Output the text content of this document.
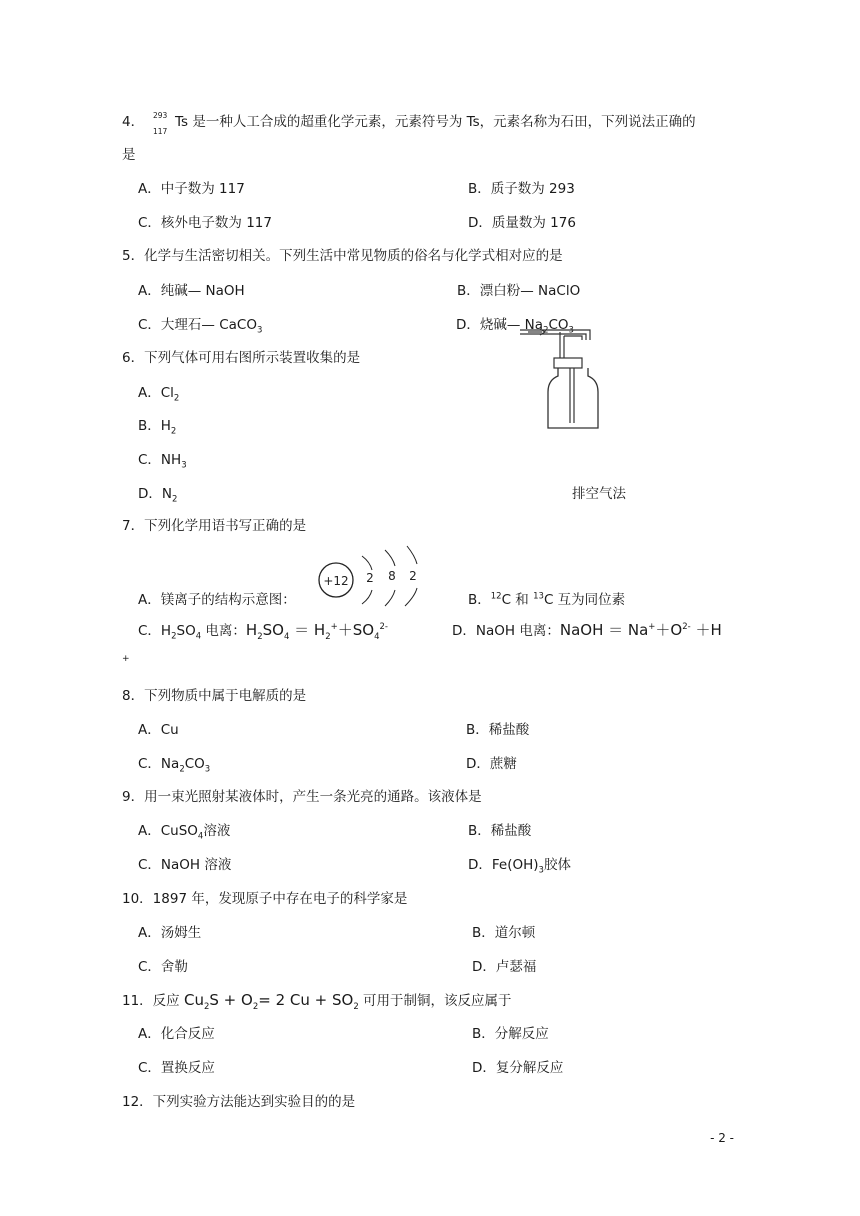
4． 293
117
Ts 是一种人工合成的超重化学元素，元素符号为 Ts，元素名称为石田，下列说法正确的
是
A．中子数为 117	B．质子数为 293
C．核外电子数为 117	D．质量数为 176
5．化学与生活密切相关。下列生活中常见物质的俗名与化学式相对应的是
A．纯碱— NaOH	B．漂白粉— NaClO
C．大理石— CaCO$_3$	D．烧碱— $Na_2CO_3$
6．下列气体可用右图所示装置收集的是
A．$Cl_2$
B．$H_2$
C．$NH_3$
D．$N_2$	排空气法
7．下列化学用语书写正确的是
A．镁离子的结构示意图：
+12 2 8 2
B．$^{12}$C 和 $^{13}$C 互为同位素
C．$H_2SO_4$ 电离：$H_2SO_4 = H_2^++SO_4^{2-}$	D．NaOH 电离：NaOH ＝ $Na^++O^{2-} +H$
+
8．下列物质中属于电解质的是
A．Cu	B．稀盐酸
C．$Na_2CO_3$	D．蔗糖
9．用一束光照射某液体时，产生一条光亮的通路。该液体是
A．CuSO$_4$溶液	B．稀盐酸
C．NaOH 溶液	D．$Fe(OH)_3$胶体
10．1897 年，发现原子中存在电子的科学家是
A．汤姆生	B．道尔顿
C．舍勒	D．卢瑟福
11．反应 $Cu_2S + O_2= 2$ $Cu + SO_2$ 可用于制铜，该反应属于
A．化合反应	B．分解反应
C．置换反应	D．复分解反应
12．下列实验方法能达到实验目的的是
- 2 -
